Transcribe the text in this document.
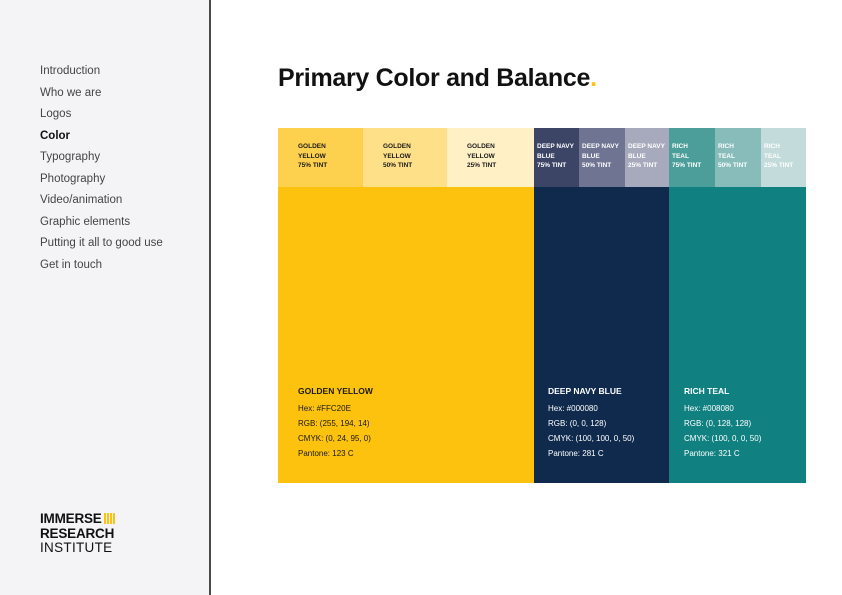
Introduction
Who we are
Logos
Color
Typography
Photography
Video/animation
Graphic elements
Putting it all to good use
Get in touch
IMMERSE
RESEARCH
INSTITUTE
Primary Color and Balance.
GOLDEN
YELLOW
75% TINT
GOLDEN
YELLOW
50% TINT
GOLDEN
YELLOW
25% TINT
DEEP NAVY
BLUE
75% TINT
DEEP NAVY
BLUE
50% TINT
DEEP NAVY
BLUE
25% TINT
RICH
TEAL
75% TINT
RICH
TEAL
50% TINT
RICH
TEAL
25% TINT
GOLDEN YELLOW
Hex: #FFC20E
RGB: (255, 194, 14)
CMYK: (0, 24, 95, 0)
Pantone: 123 C
DEEP NAVY BLUE
Hex: #000080
RGB: (0, 0, 128)
CMYK: (100, 100, 0, 50)
Pantone: 281 C
RICH TEAL
Hex: #008080
RGB: (0, 128, 128)
CMYK: (100, 0, 0, 50)
Pantone: 321 C
